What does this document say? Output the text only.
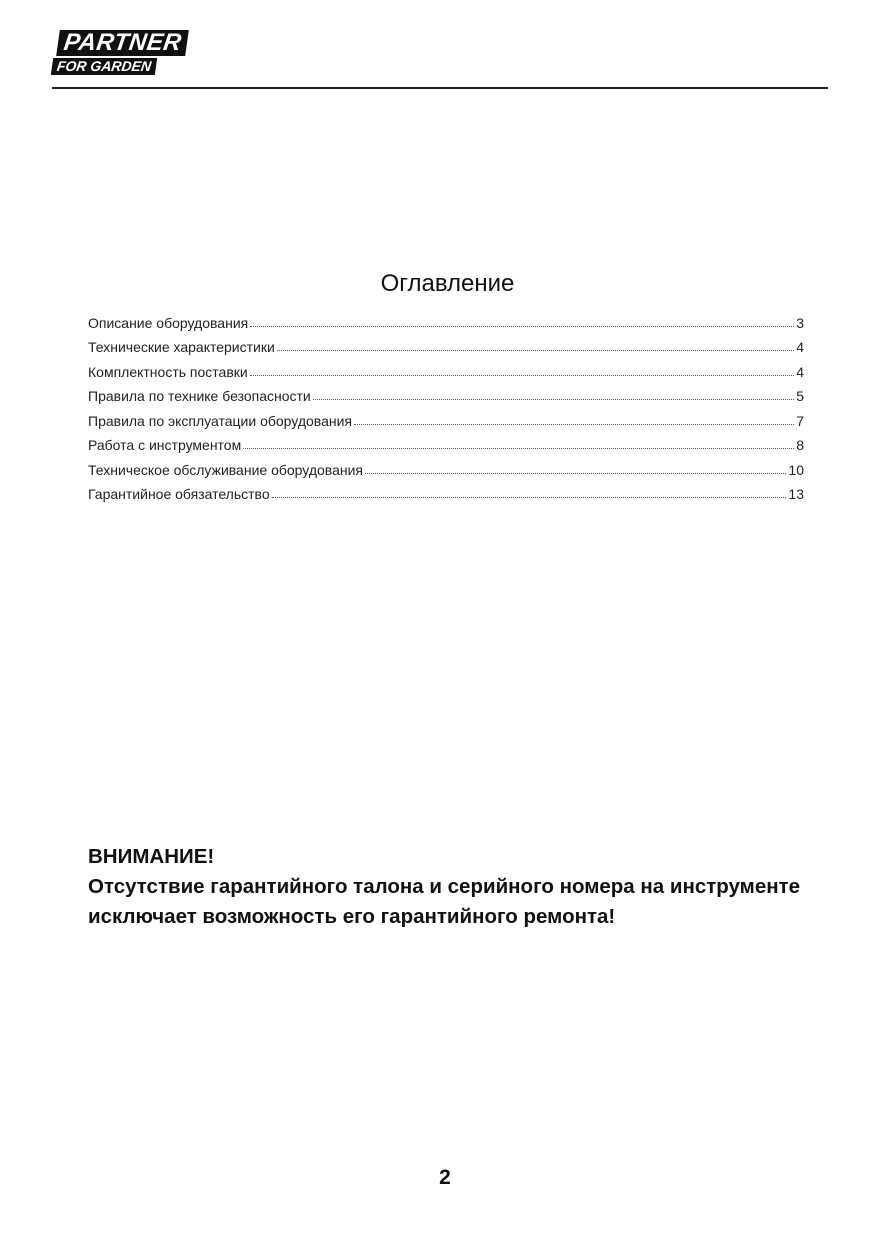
PARTNER
FOR GARDEN
Оглавление
Описание оборудования	3
Технические характеристики	4
Комплектность поставки	4
Правила по технике безопасности	5
Правила по эксплуатации оборудования	7
Работа с инструментом	8
Техническое обслуживание оборудования	10
Гарантийное обязательство	13
ВНИМАНИЕ!
Отсутствие гарантийного талона и серийного номера на инструменте исключает возможность его гарантийного ремонта!
2
